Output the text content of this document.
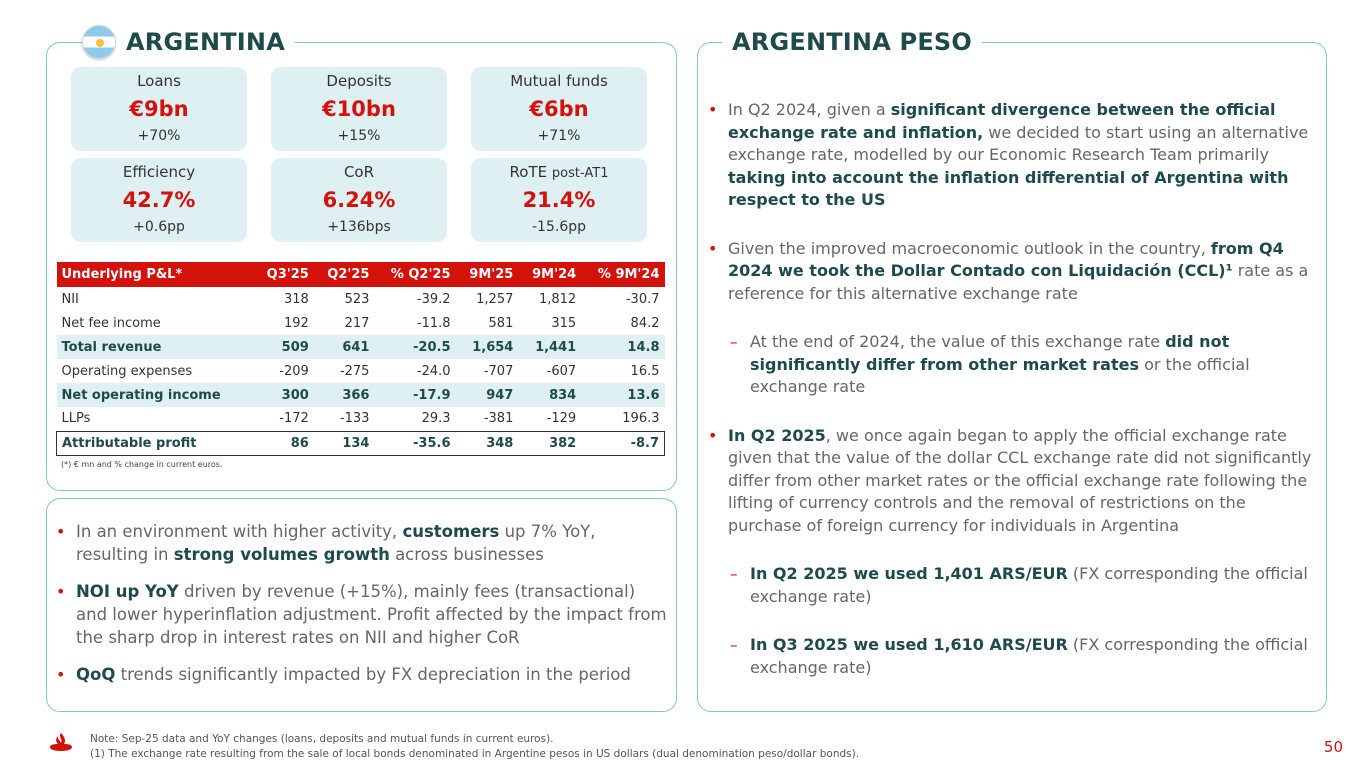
ARGENTINA	ARGENTINA PESO
Loans
€9bn
+70%
Deposits
€10bn
+15%
Mutual funds
€6bn
+71%
Efficiency
42.7%
+0.6pp
CoR
6.24%
+136bps
RoTE post-AT1
21.4%
-15.6pp
Underlying P&L*	Q3'25	Q2'25	% Q2'25	9M'25	9M'24	% 9M'24
NII	318	523	-39.2	1,257	1,812	-30.7
Net fee income	192	217	-11.8	581	315	84.2
Total revenue	509	641	-20.5	1,654	1,441	14.8
Operating expenses	-209	-275	-24.0	-707	-607	16.5
Net operating income	300	366	-17.9	947	834	13.6
LLPs	-172	-133	29.3	-381	-129	196.3
Attributable profit	86	134	-35.6	348	382	-8.7
(*) € mn and % change in current euros.
• In an environment with higher activity, customers up 7% YoY, resulting in strong volumes growth across businesses
• NOI up YoY driven by revenue (+15%), mainly fees (transactional) and lower hyperinflation adjustment. Profit affected by the impact from the sharp drop in interest rates on NII and higher CoR
• QoQ trends significantly impacted by FX depreciation in the period
• In Q2 2024, given a significant divergence between the official exchange rate and inflation, we decided to start using an alternative exchange rate, modelled by our Economic Research Team primarily taking into account the inflation differential of Argentina with respect to the US
• Given the improved macroeconomic outlook in the country, from Q4 2024 we took the Dollar Contado con Liquidación (CCL)¹ rate as a reference for this alternative exchange rate
– At the end of 2024, the value of this exchange rate did not significantly differ from other market rates or the official exchange rate
• In Q2 2025, we once again began to apply the official exchange rate given that the value of the dollar CCL exchange rate did not significantly differ from other market rates or the official exchange rate following the lifting of currency controls and the removal of restrictions on the purchase of foreign currency for individuals in Argentina
– In Q2 2025 we used 1,401 ARS/EUR (FX corresponding the official exchange rate)
– In Q3 2025 we used 1,610 ARS/EUR (FX corresponding the official exchange rate)
Note: Sep-25 data and YoY changes (loans, deposits and mutual funds in current euros).
(1) The exchange rate resulting from the sale of local bonds denominated in Argentine pesos in US dollars (dual denomination peso/dollar bonds).	50
